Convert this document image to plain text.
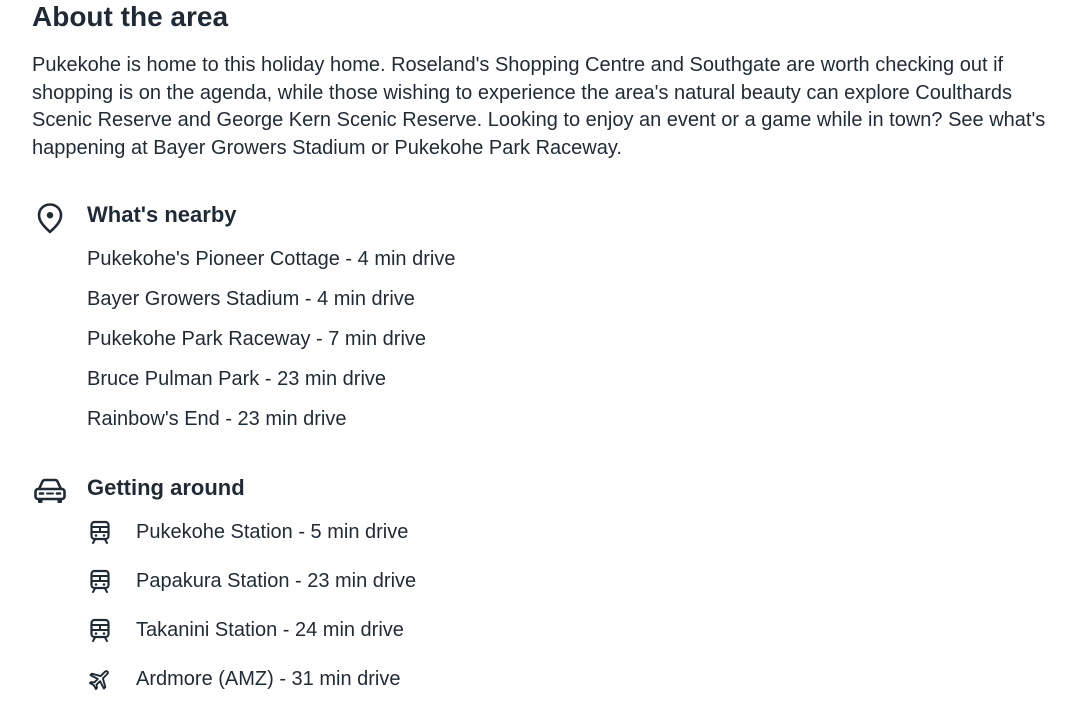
About the area

Pukekohe is home to this holiday home. Roseland's Shopping Centre and Southgate are worth checking out if shopping is on the agenda, while those wishing to experience the area's natural beauty can explore Coulthards Scenic Reserve and George Kern Scenic Reserve. Looking to enjoy an event or a game while in town? See what's happening at Bayer Growers Stadium or Pukekohe Park Raceway.

What's nearby
Pukekohe's Pioneer Cottage - 4 min drive
Bayer Growers Stadium - 4 min drive
Pukekohe Park Raceway - 7 min drive
Bruce Pulman Park - 23 min drive
Rainbow's End - 23 min drive
Getting around
Pukekohe Station - 5 min drive
Papakura Station - 23 min drive
Takanini Station - 24 min drive
Ardmore (AMZ) - 31 min drive
